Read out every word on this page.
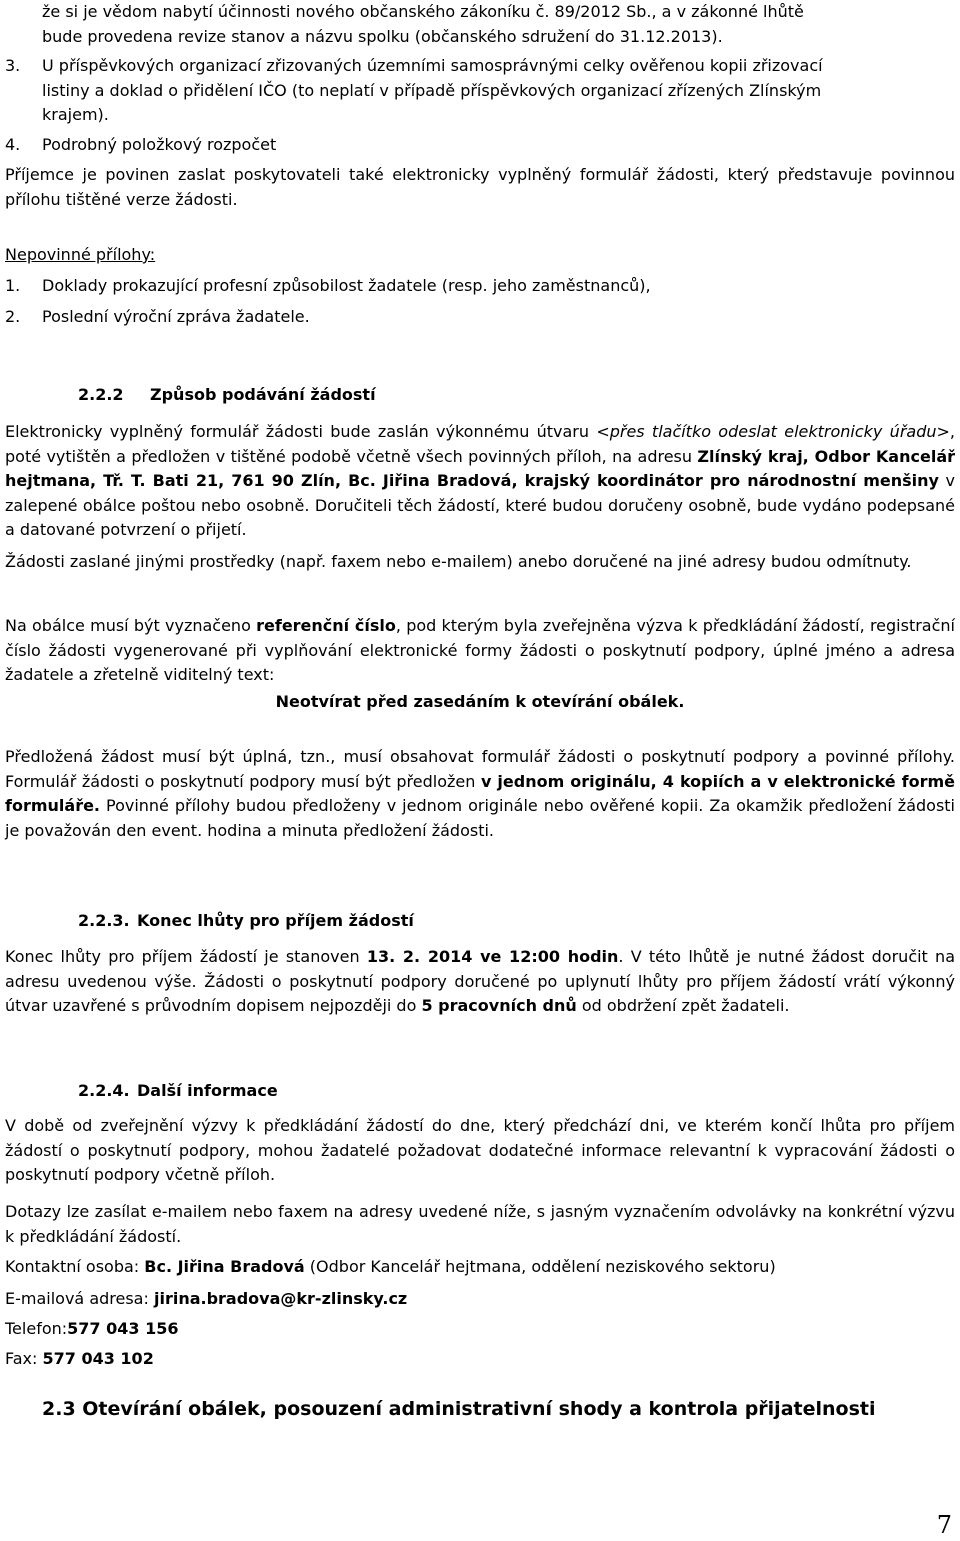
že si je vědom nabytí účinnosti nového občanského zákoníku č. 89/2012 Sb., a v zákonné lhůtě
bude provedena revize stanov a názvu spolku (občanského sdružení do 31.12.2013).
3. U příspěvkových organizací zřizovaných územními samosprávnými celky ověřenou kopii zřizovací
listiny a doklad o přidělení IČO (to neplatí v případě příspěvkových organizací zřízených Zlínským
krajem).
4. Podrobný položkový rozpočet

Příjemce je povinen zaslat poskytovateli také elektronicky vyplněný formulář žádosti, který představuje povinnou přílohu tištěné verze žádosti.

Nepovinné přílohy:
1. Doklady prokazující profesní způsobilost žadatele (resp. jeho zaměstnanců),
2. Poslední výroční zpráva žadatele.
2.2.2 Způsob podávání žádostí

Elektronicky vyplněný formulář žádosti bude zaslán výkonnému útvaru <přes tlačítko odeslat elektronicky úřadu>, poté vytištěn a předložen v tištěné podobě včetně všech povinných příloh, na adresu Zlínský kraj, Odbor Kancelář hejtmana, Tř. T. Bati 21, 761 90 Zlín, Bc. Jiřina Bradová, krajský koordinátor pro národnostní menšiny v zalepené obálce poštou nebo osobně. Doručiteli těch žádostí, které budou doručeny osobně, bude vydáno podepsané a datované potvrzení o přijetí.

Žádosti zaslané jinými prostředky (např. faxem nebo e-mailem) anebo doručené na jiné adresy budou odmítnuty.

Na obálce musí být vyznačeno referenční číslo, pod kterým byla zveřejněna výzva k předkládání žádostí, registrační číslo žádosti vygenerované při vyplňování elektronické formy žádosti o poskytnutí podpory, úplné jméno a adresa žadatele a zřetelně viditelný text:

Neotvírat před zasedáním k otevírání obálek.

Předložená žádost musí být úplná, tzn., musí obsahovat formulář žádosti o poskytnutí podpory a povinné přílohy. Formulář žádosti o poskytnutí podpory musí být předložen v jednom originálu, 4 kopiích a v elektronické formě formuláře. Povinné přílohy budou předloženy v jednom originále nebo ověřené kopii. Za okamžik předložení žádosti je považován den event. hodina a minuta předložení žádosti.

2.2.3. Konec lhůty pro příjem žádostí

Konec lhůty pro příjem žádostí je stanoven 13. 2. 2014 ve 12:00 hodin. V této lhůtě je nutné žádost doručit na adresu uvedenou výše. Žádosti o poskytnutí podpory doručené po uplynutí lhůty pro příjem žádostí vrátí výkonný útvar uzavřené s průvodním dopisem nejpozději do 5 pracovních dnů od obdržení zpět žadateli.

2.2.4. Další informace

V době od zveřejnění výzvy k předkládání žádostí do dne, který předchází dni, ve kterém končí lhůta pro příjem žádostí o poskytnutí podpory, mohou žadatelé požadovat dodatečné informace relevantní k vypracování žádosti o poskytnutí podpory včetně příloh.

Dotazy lze zasílat e-mailem nebo faxem na adresy uvedené níže, s jasným vyznačením odvolávky na konkrétní výzvu k předkládání žádostí.

Kontaktní osoba: Bc. Jiřina Bradová (Odbor Kancelář hejtmana, oddělení neziskového sektoru)
E-mailová adresa: jirina.bradova@kr-zlinsky.cz
Telefon:577 043 156
Fax: 577 043 102
2.3 Otevírání obálek, posouzení administrativní shody a kontrola přijatelnosti
7
